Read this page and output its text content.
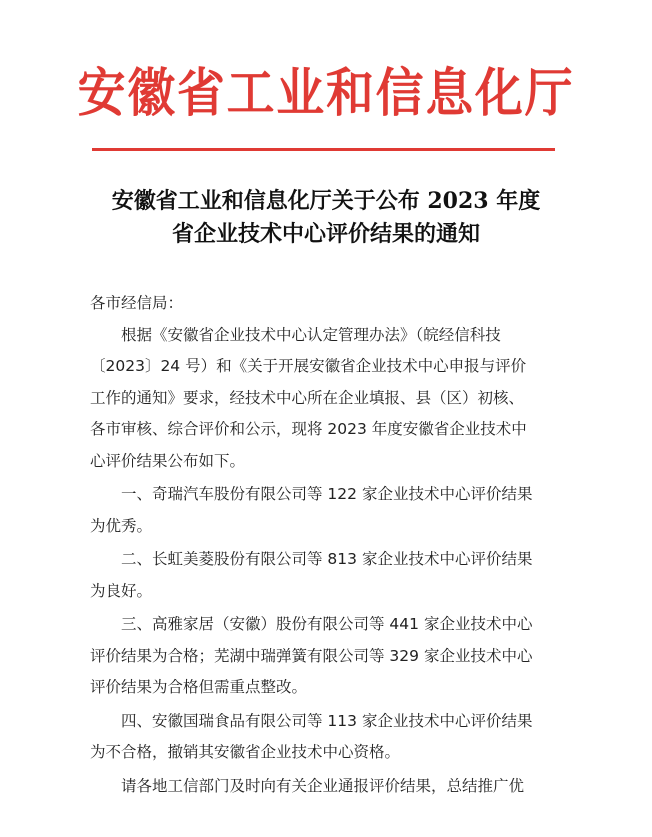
安徽省工业和信息化厅
安徽省工业和信息化厅关于公布 2023 年度
省企业技术中心评价结果的通知

各市经信局：

根据《安徽省企业技术中心认定管理办法》（皖经信科技
〔2023〕24 号）和《关于开展安徽省企业技术中心申报与评价
工作的通知》要求，经技术中心所在企业填报、县（区）初核、
各市审核、综合评价和公示，现将 2023 年度安徽省企业技术中
心评价结果公布如下。

一、奇瑞汽车股份有限公司等 122 家企业技术中心评价结果
为优秀。

二、长虹美菱股份有限公司等 813 家企业技术中心评价结果
为良好。

三、高雅家居（安徽）股份有限公司等 441 家企业技术中心
评价结果为合格；芜湖中瑞弹簧有限公司等 329 家企业技术中心
评价结果为合格但需重点整改。

四、安徽国瑞食品有限公司等 113 家企业技术中心评价结果
为不合格，撤销其安徽省企业技术中心资格。

请各地工信部门及时向有关企业通报评价结果，总结推广优
